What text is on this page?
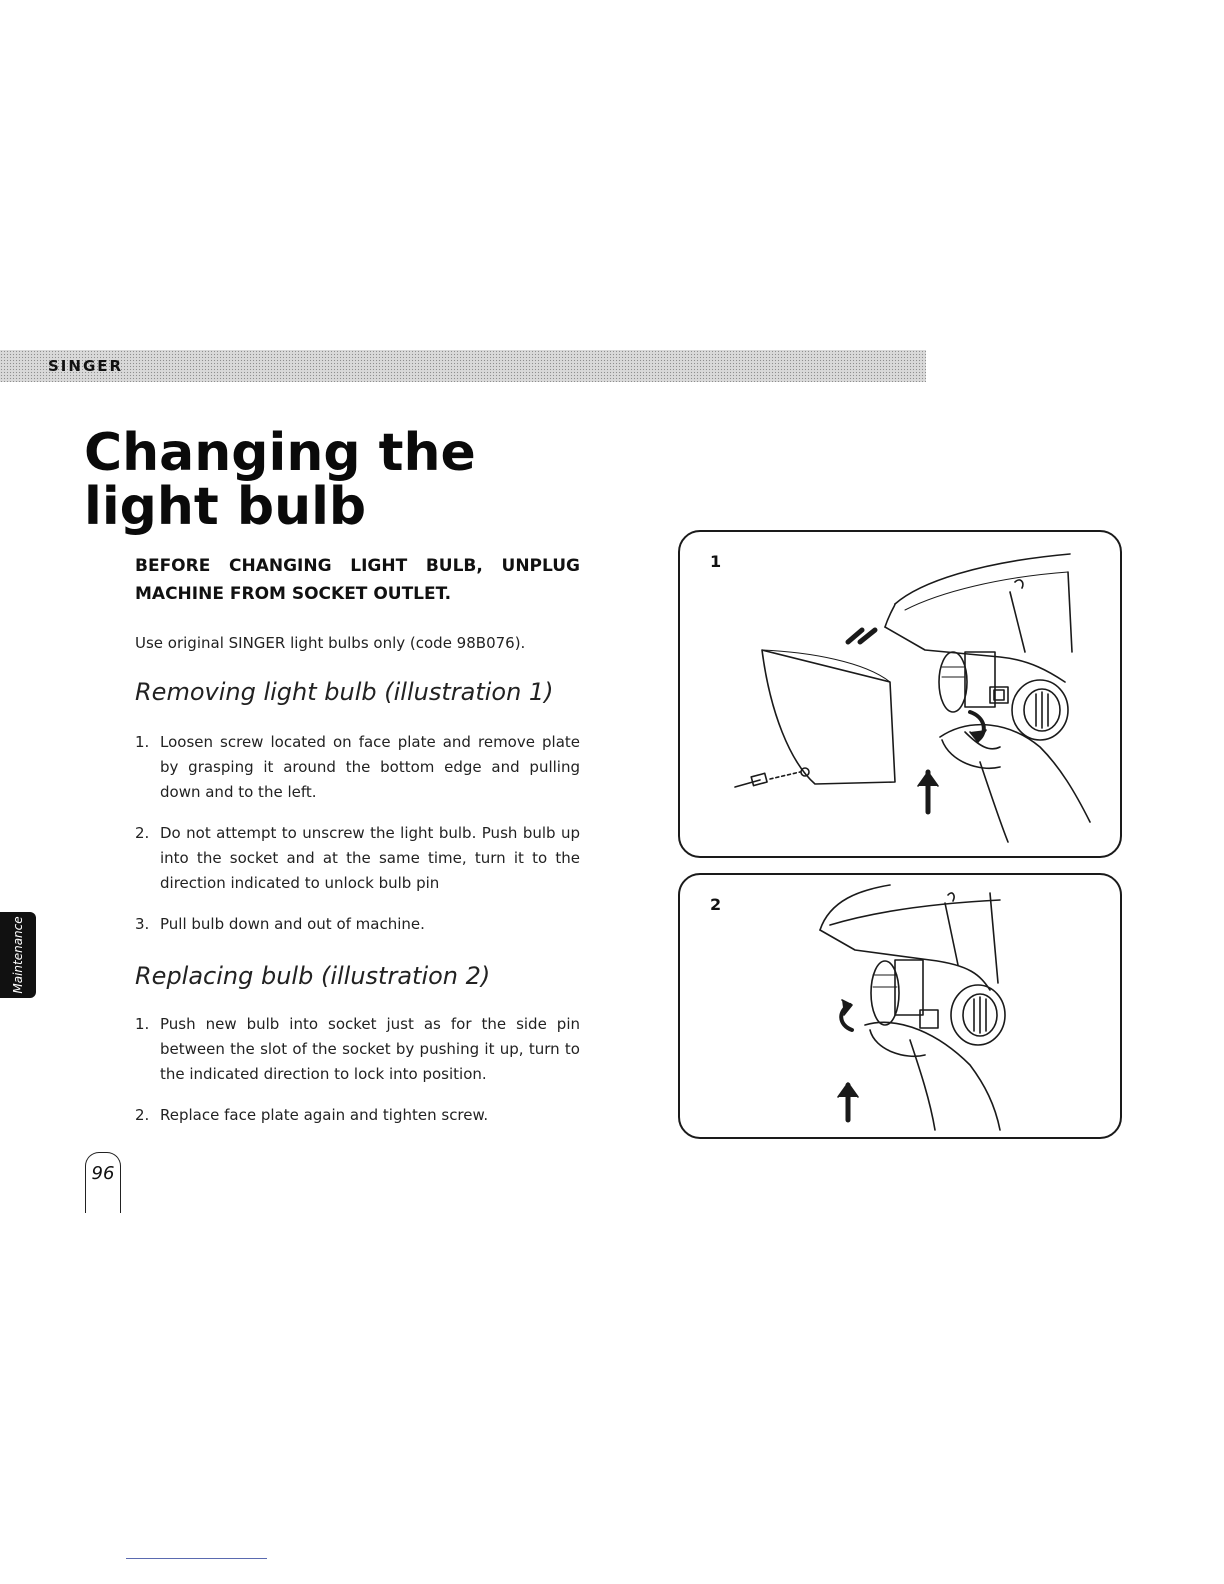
SINGER
Changing the light bulb

BEFORE CHANGING LIGHT BULB, UNPLUG MACHINE FROM SOCKET OUTLET.

Use original SINGER light bulbs only (code 98B076).

Removing light bulb (illustration 1)
1. Loosen screw located on face plate and remove plate by grasping it around the bottom edge and pulling down and to the left.
2. Do not attempt to unscrew the light bulb. Push bulb up into the socket and at the same time, turn it to the direction indicated to unlock bulb pin
3. Pull bulb down and out of machine.
Replacing bulb (illustration 2)
1. Push new bulb into socket just as for the side pin between the slot of the socket by pushing it up, turn to the indicated direction to lock into position.
2. Replace face plate again and tighten screw.
Maintenance
96
1
2
